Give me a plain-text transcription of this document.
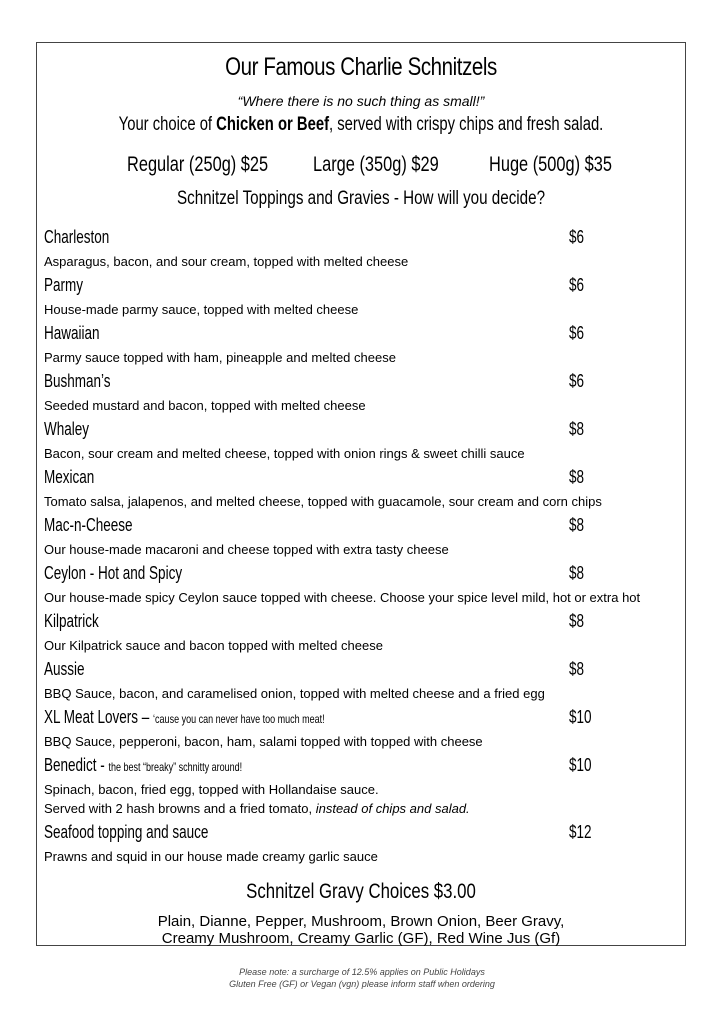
Our Famous Charlie Schnitzels
“Where there is no such thing as small!”
Your choice of Chicken or Beef, served with crispy chips and fresh salad.
Regular (250g) $25 Large (350g) $29 Huge (500g) $35
Schnitzel Toppings and Gravies - How will you decide?
Charleston	$6
Asparagus, bacon, and sour cream, topped with melted cheese
Parmy	$6
House-made parmy sauce, topped with melted cheese
Hawaiian	$6
Parmy sauce topped with ham, pineapple and melted cheese
Bushman’s	$6
Seeded mustard and bacon, topped with melted cheese
Whaley	$8
Bacon, sour cream and melted cheese, topped with onion rings & sweet chilli sauce
Mexican	$8
Tomato salsa, jalapenos, and melted cheese, topped with guacamole, sour cream and corn chips
Mac-n-Cheese	$8
Our house-made macaroni and cheese topped with extra tasty cheese
Ceylon - Hot and Spicy	$8
Our house-made spicy Ceylon sauce topped with cheese. Choose your spice level mild, hot or extra hot
Kilpatrick	$8
Our Kilpatrick sauce and bacon topped with melted cheese
Aussie	$8
BBQ Sauce, bacon, and caramelised onion, topped with melted cheese and a fried egg
XL Meat Lovers – ‘cause you can never have too much meat!	$10
BBQ Sauce, pepperoni, bacon, ham, salami topped with topped with cheese
Benedict - the best “breaky” schnitty around!	$10
Spinach, bacon, fried egg, topped with Hollandaise sauce.
Served with 2 hash browns and a fried tomato, instead of chips and salad.
Seafood topping and sauce	$12
Prawns and squid in our house made creamy garlic sauce
Schnitzel Gravy Choices $3.00
Plain, Dianne, Pepper, Mushroom, Brown Onion, Beer Gravy,
Creamy Mushroom, Creamy Garlic (GF), Red Wine Jus (Gf)
Please note: a surcharge of 12.5% applies on Public Holidays
Gluten Free (GF) or Vegan (vgn) please inform staff when ordering
